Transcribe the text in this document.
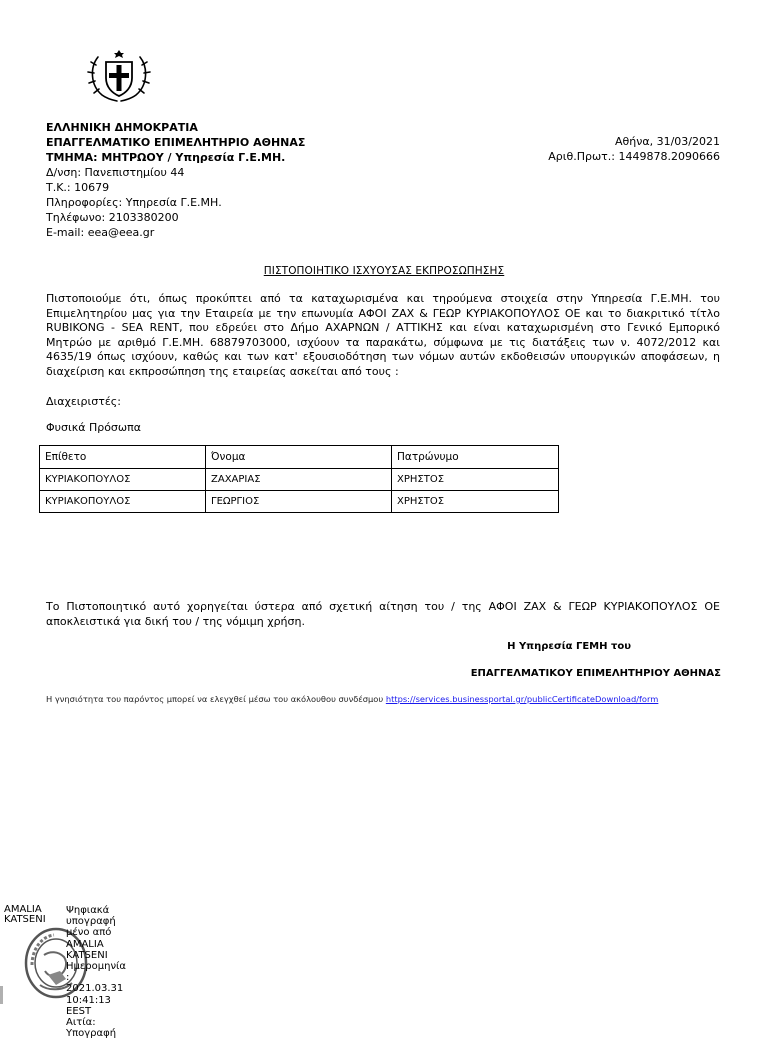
ΕΛΛΗΝΙΚΗ ΔΗΜΟΚΡΑΤΙΑ
ΕΠΑΓΓΕΛΜΑΤΙΚΟ ΕΠΙΜΕΛΗΤΗΡΙΟ ΑΘΗΝΑΣ
ΤΜΗΜΑ: ΜΗΤΡΩΟΥ / Υπηρεσία Γ.Ε.ΜΗ.
Δ/νση: Πανεπιστημίου 44
Τ.Κ.: 10679
Πληροφορίες: Υπηρεσία Γ.Ε.ΜΗ.
Τηλέφωνο: 2103380200
E-mail: eea@eea.gr
Αθήνα, 31/03/2021
Αριθ.Πρωτ.: 1449878.2090666
ΠΙΣΤΟΠΟΙΗΤΙΚΟ ΙΣΧΥΟΥΣΑΣ ΕΚΠΡΟΣΩΠΗΣΗΣ
Πιστοποιούμε ότι, όπως προκύπτει από τα καταχωρισμένα και τηρούμενα στοιχεία στην Υπηρεσία Γ.Ε.ΜΗ. του Επιμελητηρίου μας για την Εταιρεία με την επωνυμία ΑΦΟΙ ΖΑΧ & ΓΕΩΡ ΚΥΡΙΑΚΟΠΟΥΛΟΣ ΟΕ και το διακριτικό τίτλο RUBIKONG - SEA RENT, που εδρεύει στο Δήμο ΑΧΑΡΝΩΝ / ΑΤΤΙΚΗΣ και είναι καταχωρισμένη στο Γενικό Εμπορικό Μητρώο με αριθμό Γ.Ε.ΜΗ. 68879703000, ισχύουν τα παρακάτω, σύμφωνα με τις διατάξεις των ν. 4072/2012 και 4635/19 όπως ισχύουν, καθώς και των κατ' εξουσιοδότηση των νόμων αυτών εκδοθεισών υπουργικών αποφάσεων, η διαχείριση και εκπροσώπηση της εταιρείας ασκείται από τους :
Διαχειριστές:
Φυσικά Πρόσωπα
Επίθετο	Όνομα	Πατρώνυμο
ΚΥΡΙΑΚΟΠΟΥΛΟΣ	ΖΑΧΑΡΙΑΣ	ΧΡΗΣΤΟΣ
ΚΥΡΙΑΚΟΠΟΥΛΟΣ	ΓΕΩΡΓΙΟΣ	ΧΡΗΣΤΟΣ
Το Πιστοποιητικό αυτό χορηγείται ύστερα από σχετική αίτηση του / της ΑΦΟΙ ΖΑΧ & ΓΕΩΡ ΚΥΡΙΑΚΟΠΟΥΛΟΣ ΟΕ αποκλειστικά για δική του / της νόμιμη χρήση.
Η Υπηρεσία ΓΕΜΗ του
ΕΠΑΓΓΕΛΜΑΤΙΚΟΥ ΕΠΙΜΕΛΗΤΗΡΙΟΥ ΑΘΗΝΑΣ
Η γνησιότητα του παρόντος μπορεί να ελεγχθεί μέσω του ακόλουθου συνδέσμου https://services.businessportal.gr/publicCertificateDownload/form
AMALIA
KATSENI
Ψηφιακά
υπογραφή
μένο από
AMALIA
KATSENI
Ημερομηνία
:
2021.03.31
10:41:13
EEST
Αιτία:
Υπογραφή
